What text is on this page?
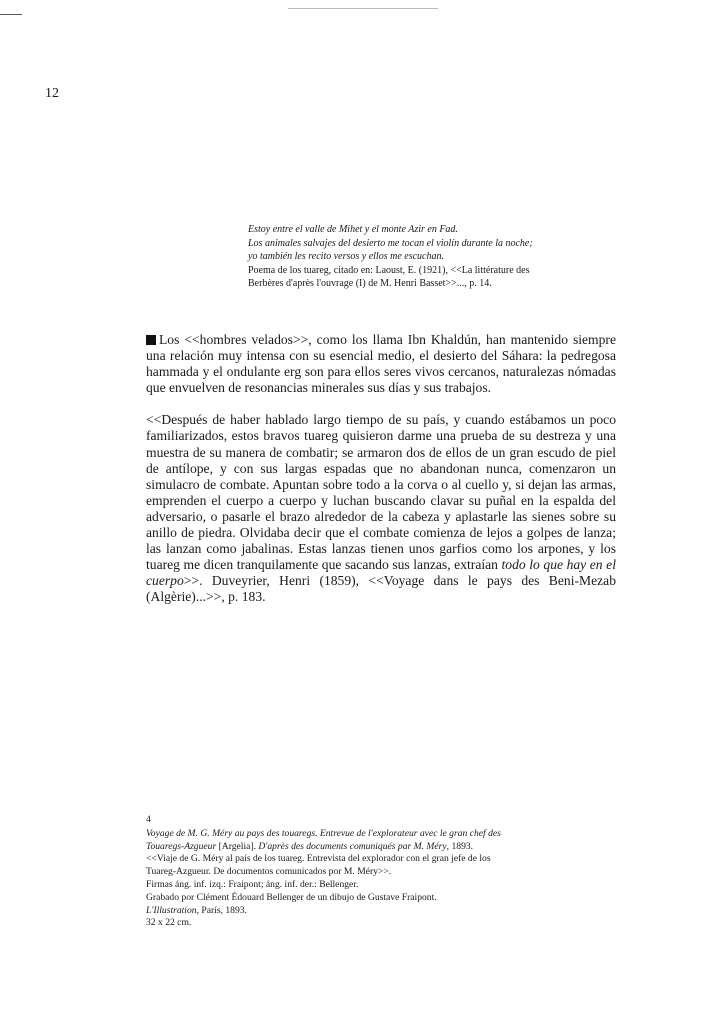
12
Estoy entre el valle de Mihet y el monte Azir en Fad.
Los animales salvajes del desierto me tocan el violín durante la noche;
yo también les recito versos y ellos me escuchan.
Poema de los tuareg, citado en: Laoust, E. (1921), <<La littérature des
Berbères d'après l'ouvrage (I) de M. Henri Basset>>..., p. 14.

Los <<hombres velados>>, como los llama Ibn Khaldún, han mantenido siempre una relación muy intensa con su esencial medio, el desierto del Sáhara: la pedregosa hammada y el ondulante erg son para ellos seres vivos cercanos, naturalezas nómadas que envuelven de resonancias minerales sus días y sus trabajos.

<<Después de haber hablado largo tiempo de su país, y cuando estábamos un poco familiarizados, estos bravos tuareg quisieron darme una prueba de su destreza y una muestra de su manera de combatir; se armaron dos de ellos de un gran escudo de piel de antílope, y con sus largas espadas que no abandonan nunca, comenzaron un simulacro de combate. Apuntan sobre todo a la corva o al cuello y, si dejan las armas, emprenden el cuerpo a cuerpo y luchan buscando clavar su puñal en la espalda del adversario, o pasarle el brazo alrededor de la cabeza y aplastarle las sienes sobre su anillo de piedra. Olvidaba decir que el combate comienza de lejos a golpes de lanza; las lanzan como jabalinas. Estas lanzas tienen unos garfios como los arpones, y los tuareg me dicen tranquilamente que sacando sus lanzas, extraían todo lo que hay en el cuerpo>>. Duveyrier, Henri (1859), <<Voyage dans le pays des Beni-Mezab (Algèrie)...>>, p. 183.

4
Voyage de M. G. Méry au pays des touaregs. Entrevue de l'explorateur avec le gran chef des
Touaregs-Azgueur [Argelia]. D'après des documents comuniqués par M. Méry, 1893.
<<Viaje de G. Méry al país de los tuareg. Entrevista del explorador con el gran jefe de los
Tuareg-Azgueur. De documentos comunicados por M. Méry>>.
Firmas áng. inf. izq.: Fraipont; áng. inf. der.: Bellenger.
Grabado por Clément Édouard Bellenger de un dibujo de Gustave Fraipont.
L'Illustration, París, 1893.
32 x 22 cm.
